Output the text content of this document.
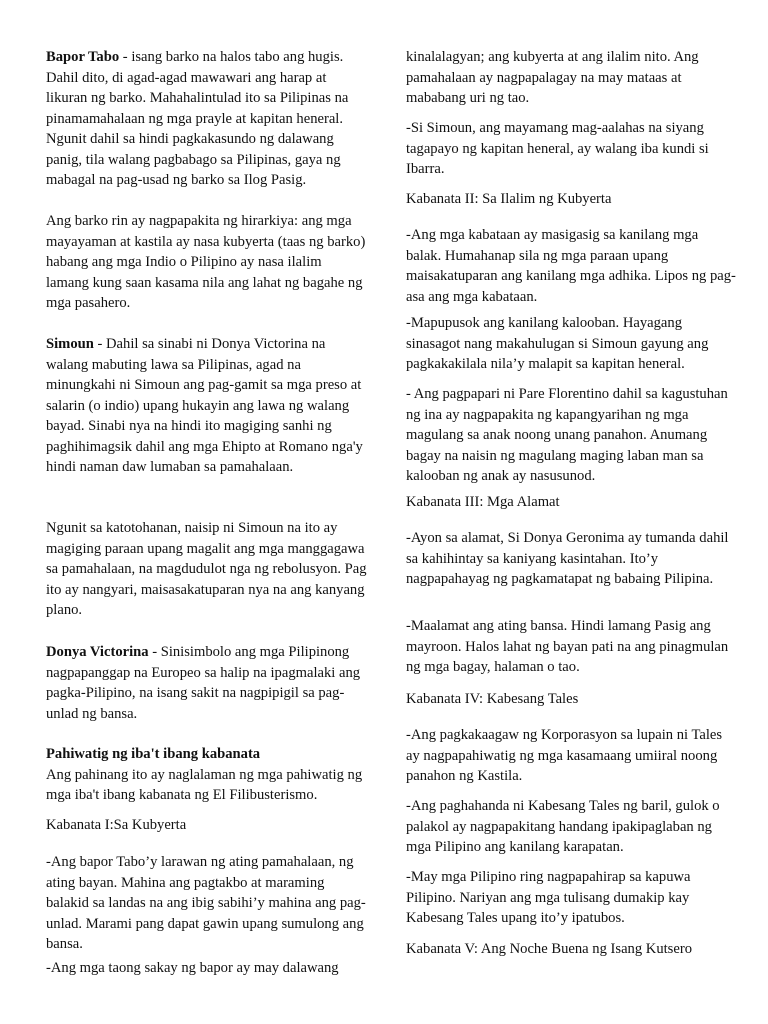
Bapor Tabo - isang barko na halos tabo ang hugis. Dahil dito, di agad-agad mawawari ang harap at likuran ng barko. Mahahalintulad ito sa Pilipinas na pinamamahalaan ng mga prayle at kapitan heneral. Ngunit dahil sa hindi pagkakasundo ng dalawang panig, tila walang pagbabago sa Pilipinas, gaya ng mabagal na pag-usad ng barko sa Ilog Pasig.

Ang barko rin ay nagpapakita ng hirarkiya: ang mga mayayaman at kastila ay nasa kubyerta (taas ng barko) habang ang mga Indio o Pilipino ay nasa ilalim lamang kung saan kasama nila ang lahat ng bagahe ng mga pasahero.

Simoun - Dahil sa sinabi ni Donya Victorina na walang mabuting lawa sa Pilipinas, agad na minungkahi ni Simoun ang pag-gamit sa mga preso at salarin (o indio) upang hukayin ang lawa ng walang bayad. Sinabi nya na hindi ito magiging sanhi ng paghihimagsik dahil ang mga Ehipto at Romano nga'y hindi naman daw lumaban sa pamahalaan.

Ngunit sa katotohanan, naisip ni Simoun na ito ay magiging paraan upang magalit ang mga manggagawa sa pamahalaan, na magdudulot nga ng rebolusyon. Pag ito ay nangyari, maisasakatuparan nya na ang kanyang plano.

Donya Victorina - Sinisimbolo ang mga Pilipinong nagpapanggap na Europeo sa halip na ipagmalaki ang pagka-Pilipino, na isang sakit na nagpipigil sa pag-unlad ng bansa.

Pahiwatig ng iba't ibang kabanata
Ang pahinang ito ay naglalaman ng mga pahiwatig ng mga iba't ibang kabanata ng El Filibusterismo.

Kabanata I:Sa Kubyerta

-Ang bapor Tabo’y larawan ng ating pamahalaan, ng ating bayan. Mahina ang pagtakbo at maraming balakid sa landas na ang ibig sabihi’y mahina ang pag-unlad. Marami pang dapat gawin upang sumulong ang bansa.

-Ang mga taong sakay ng bapor ay may dalawang

kinalalagyan; ang kubyerta at ang ilalim nito. Ang pamahalaan ay nagpapalagay na may mataas at mababang uri ng tao.

-Si Simoun, ang mayamang mag-aalahas na siyang tagapayo ng kapitan heneral, ay walang iba kundi si Ibarra.

Kabanata II: Sa Ilalim ng Kubyerta

-Ang mga kabataan ay masigasig sa kanilang mga balak. Humahanap sila ng mga paraan upang maisakatuparan ang kanilang mga adhika. Lipos ng pag-asa ang mga kabataan.

-Mapupusok ang kanilang kalooban. Hayagang sinasagot nang makahulugan si Simoun gayung ang pagkakakilala nila’y malapit sa kapitan heneral.

- Ang pagpapari ni Pare Florentino dahil sa kagustuhan ng ina ay nagpapakita ng kapangyarihan ng mga magulang sa anak noong unang panahon. Anumang bagay na naisin ng magulang maging laban man sa kalooban ng anak ay nasusunod.

Kabanata III: Mga Alamat

-Ayon sa alamat, Si Donya Geronima ay tumanda dahil sa kahihintay sa kaniyang kasintahan. Ito’y nagpapahayag ng pagkamatapat ng babaing Pilipina.

-Maalamat ang ating bansa. Hindi lamang Pasig ang mayroon. Halos lahat ng bayan pati na ang pinagmulan ng mga bagay, halaman o tao.

Kabanata IV: Kabesang Tales

-Ang pagkakaagaw ng Korporasyon sa lupain ni Tales ay nagpapahiwatig ng mga kasamaang umiiral noong panahon ng Kastila.

-Ang paghahanda ni Kabesang Tales ng baril, gulok o palakol ay nagpapakitang handang ipakipaglaban ng mga Pilipino ang kanilang karapatan.

-May mga Pilipino ring nagpapahirap sa kapuwa Pilipino. Nariyan ang mga tulisang dumakip kay Kabesang Tales upang ito’y ipatubos.

Kabanata V: Ang Noche Buena ng Isang Kutsero
